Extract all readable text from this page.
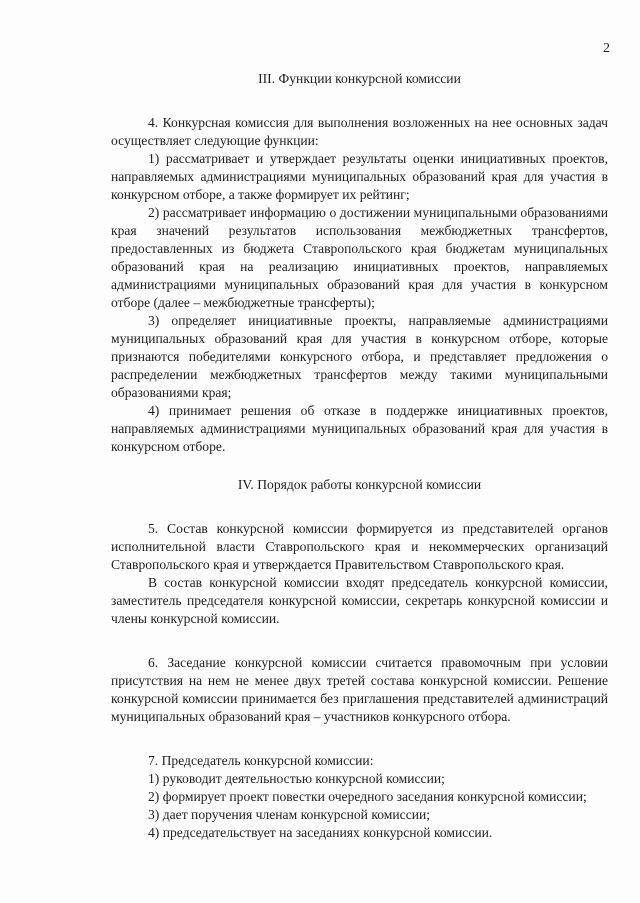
2

III. Функции конкурсной комиссии

4. Конкурсная комиссия для выполнения возложенных на нее основных задач осуществляет следующие функции:

1) рассматривает и утверждает результаты оценки инициативных проектов, направляемых администрациями муниципальных образований края для участия в конкурсном отборе, а также формирует их рейтинг;

2) рассматривает информацию о достижении муниципальными образованиями края значений результатов использования межбюджетных трансфертов, предоставленных из бюджета Ставропольского края бюджетам муниципальных образований края на реализацию инициативных проектов, направляемых администрациями муниципальных образований края для участия в конкурсном отборе (далее – межбюджетные трансферты);

3) определяет инициативные проекты, направляемые администрациями муниципальных образований края для участия в конкурсном отборе, которые признаются победителями конкурсного отбора, и представляет предложения о распределении межбюджетных трансфертов между такими муниципальными образованиями края;

4) принимает решения об отказе в поддержке инициативных проектов, направляемых администрациями муниципальных образований края для участия в конкурсном отборе.

IV. Порядок работы конкурсной комиссии

5. Состав конкурсной комиссии формируется из представителей органов исполнительной власти Ставропольского края и некоммерческих организаций Ставропольского края и утверждается Правительством Ставропольского края.

В состав конкурсной комиссии входят председатель конкурсной комиссии, заместитель председателя конкурсной комиссии, секретарь конкурсной комиссии и члены конкурсной комиссии.

6. Заседание конкурсной комиссии считается правомочным при условии присутствия на нем не менее двух третей состава конкурсной комиссии. Решение конкурсной комиссии принимается без приглашения представителей администраций муниципальных образований края – участников конкурсного отбора.

7. Председатель конкурсной комиссии:

1) руководит деятельностью конкурсной комиссии;

2) формирует проект повестки очередного заседания конкурсной комиссии;

3) дает поручения членам конкурсной комиссии;

4) председательствует на заседаниях конкурсной комиссии.
